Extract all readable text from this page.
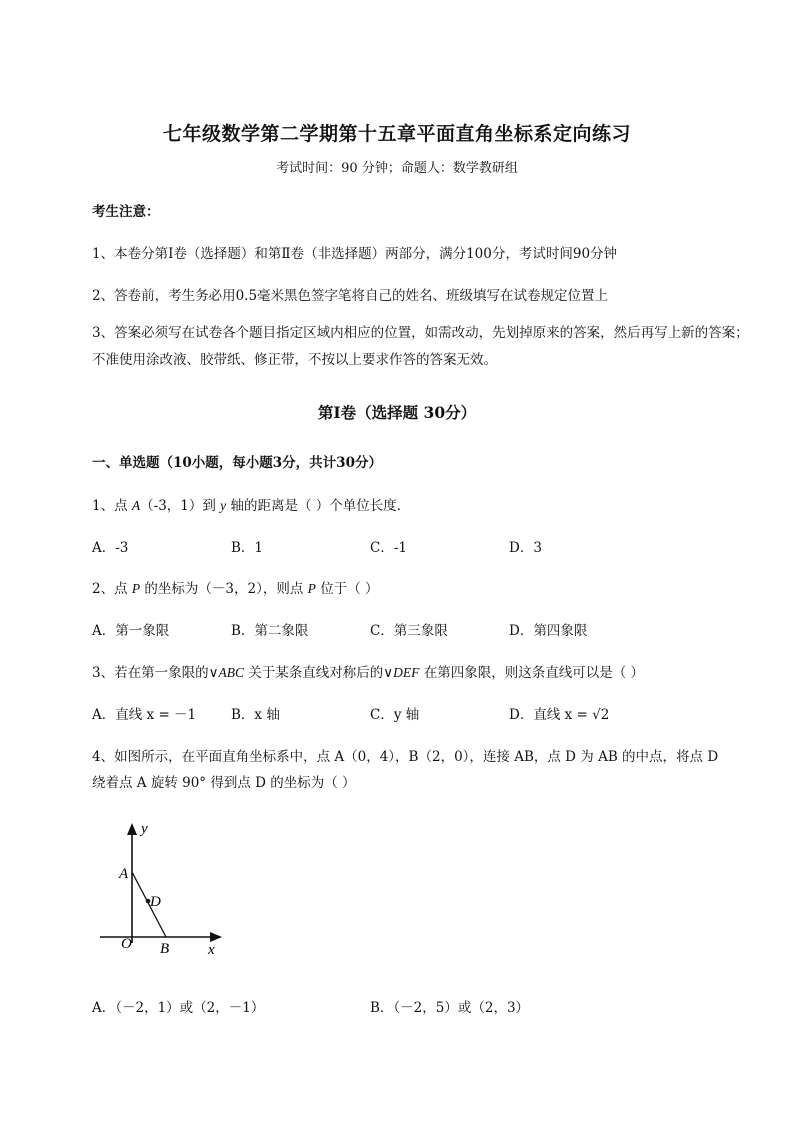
七年级数学第二学期第十五章平面直角坐标系定向练习
考试时间：90 分钟；命题人：数学教研组
考生注意：
1、本卷分第Ⅰ卷（选择题）和第Ⅱ卷（非选择题）两部分，满分100分，考试时间90分钟
2、答卷前，考生务必用0.5毫米黑色签字笔将自己的姓名、班级填写在试卷规定位置上
3、答案必须写在试卷各个题目指定区域内相应的位置，如需改动，先划掉原来的答案，然后再写上新的答案；不准使用涂改液、胶带纸、修正带，不按以上要求作答的答案无效。
第Ⅰ卷（选择题 30分）
一、单选题（10小题，每小题3分，共计30分）
1、点 A（-3，1）到 y 轴的距离是（ ）个单位长度．
A．-3	B．1	C．-1	D．3
2、点 P 的坐标为（－3，2），则点 P 位于（ ）
A．第一象限	B．第二象限	C．第三象限	D．第四象限
3、若在第一象限的∨ABC 关于某条直线对称后的∨DEF 在第四象限，则这条直线可以是（ ）
A．直线 x = －1	B．x 轴	C．y 轴	D．直线 x = √2
4、如图所示，在平面直角坐标系中，点 A（0，4），B（2，0），连接 AB，点 D 为 AB 的中点，将点 D
绕着点 A 旋转 90° 得到点 D 的坐标为（ ）
y
x
A
D
O B
A．（－2，1）或（2，－1）	B．（－2，5）或（2，3）
